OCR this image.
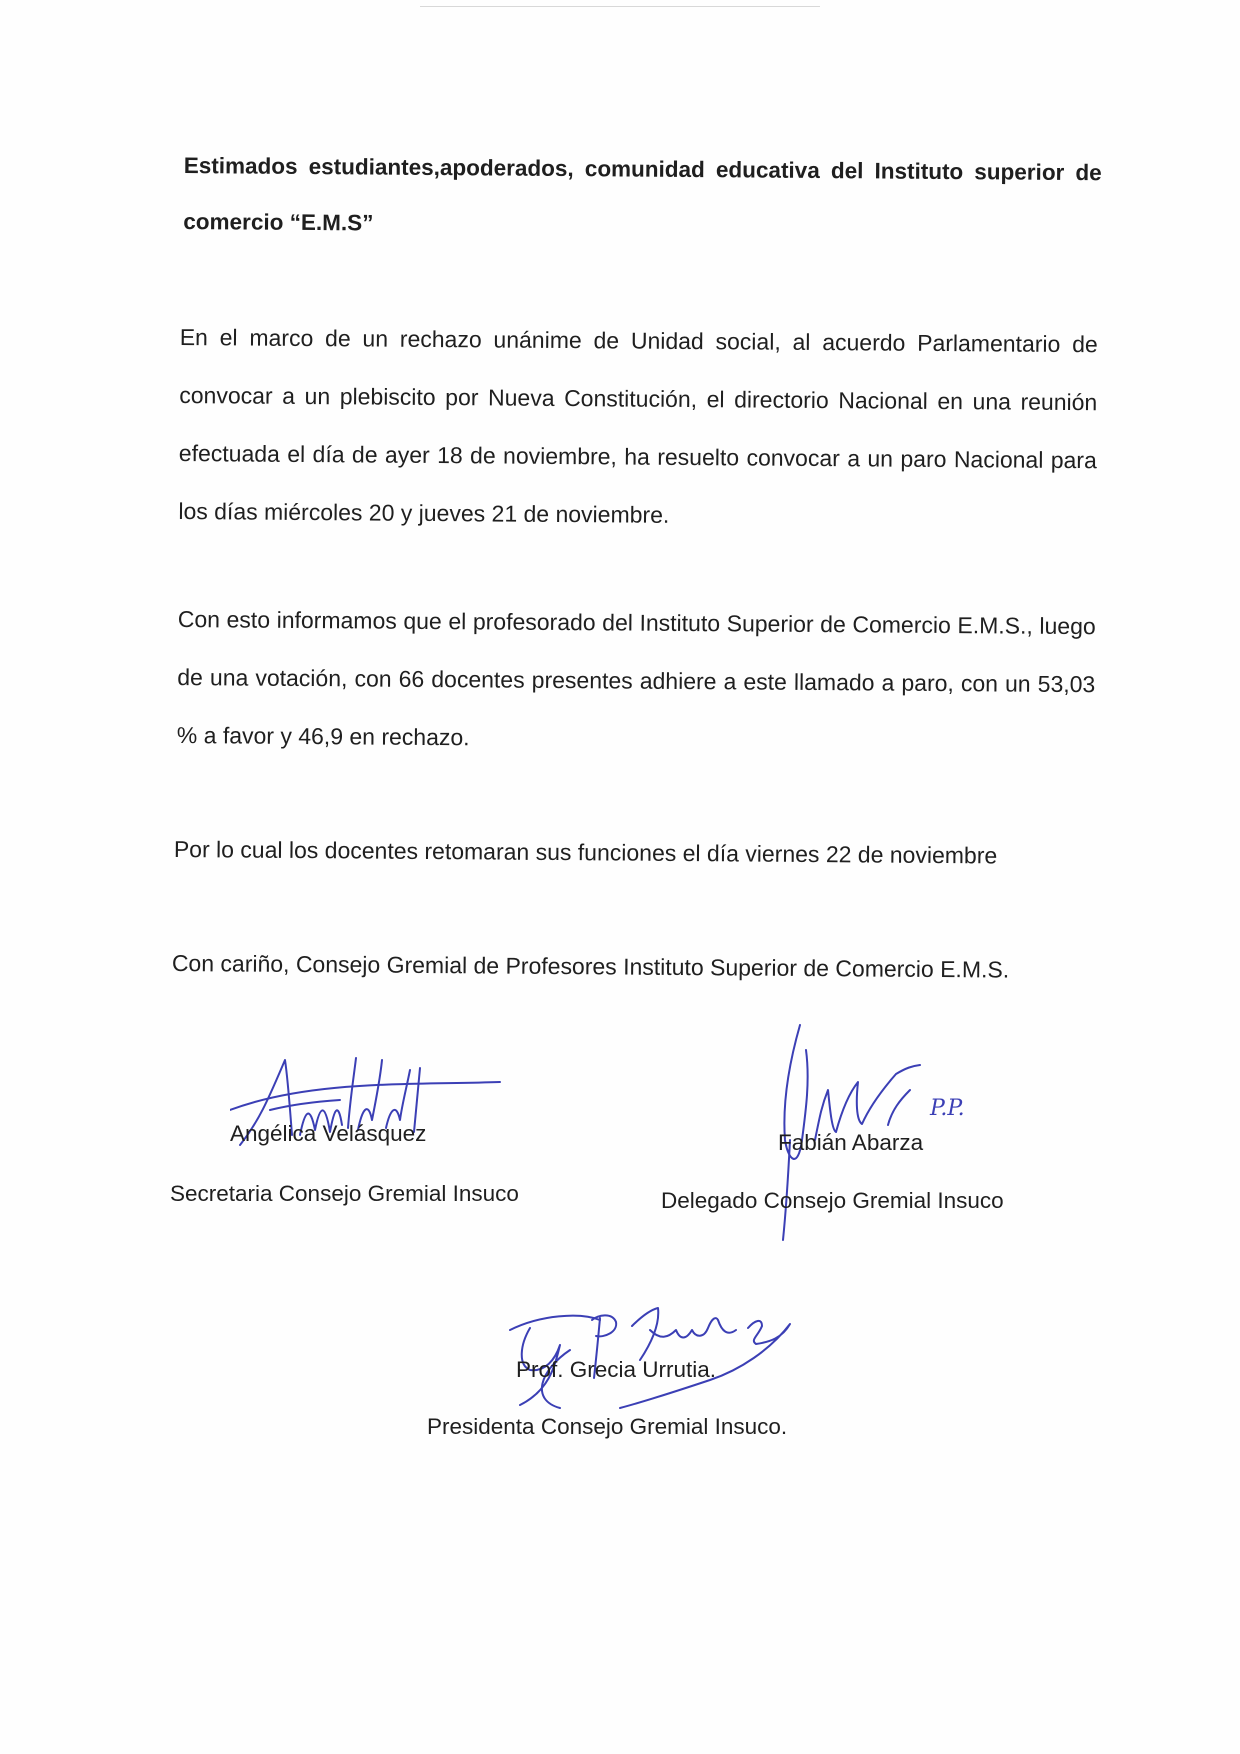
Estimados estudiantes,apoderados, comunidad educativa del Instituto superior de comercio “E.M.S”
En el marco de un rechazo unánime de Unidad social, al acuerdo Parlamentario de convocar a un plebiscito por Nueva Constitución, el directorio Nacional en una reunión efectuada el día de ayer 18 de noviembre, ha resuelto convocar a un paro Nacional para los días miércoles 20 y jueves 21 de noviembre.
Con esto informamos que el profesorado del Instituto Superior de Comercio E.M.S., luego de una votación, con 66 docentes presentes adhiere a este llamado a paro, con un 53,03 % a favor y 46,9 en rechazo.
Por lo cual los docentes retomaran sus funciones el día viernes 22 de noviembre
Con cariño, Consejo Gremial de Profesores Instituto Superior de Comercio E.M.S.
P.P.
Angélica Velásquez
Secretaria Consejo Gremial Insuco
Fabián Abarza
Delegado Consejo Gremial Insuco
Prof. Grecia Urrutia.
Presidenta Consejo Gremial Insuco.
